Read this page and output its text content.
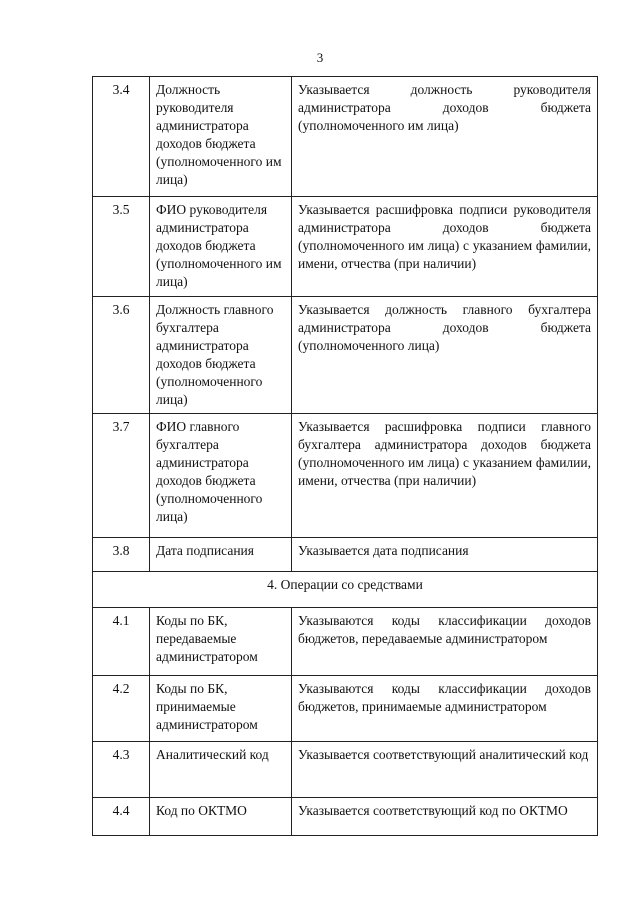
3
3.4	Должность руководителя администратора доходов бюджета (уполномоченного им лица)	Указывается должность руководителя администратора доходов бюджета (уполномоченного им лица)
3.5	ФИО руководителя администратора доходов бюджета (уполномоченного им лица)	Указывается расшифровка подписи руководителя администратора доходов бюджета (уполномоченного им лица) с указанием фамилии, имени, отчества (при наличии)
3.6	Должность главного бухгалтера администратора доходов бюджета (уполномоченного лица)	Указывается должность главного бухгалтера администратора доходов бюджета (уполномоченного лица)
3.7	ФИО главного бухгалтера администратора доходов бюджета (уполномоченного лица)	Указывается расшифровка подписи главного бухгалтера администратора доходов бюджета (уполномоченного им лица) с указанием фамилии, имени, отчества (при наличии)
3.8	Дата подписания	Указывается дата подписания
4. Операции со средствами		
4.1	Коды по БК, передаваемые администратором	Указываются коды классификации доходов бюджетов, передаваемые администратором
4.2	Коды по БК, принимаемые администратором	Указываются коды классификации доходов бюджетов, принимаемые администратором
4.3	Аналитический код	Указывается соответствующий аналитический код
4.4	Код по ОКТМО	Указывается соответствующий код по ОКТМО
